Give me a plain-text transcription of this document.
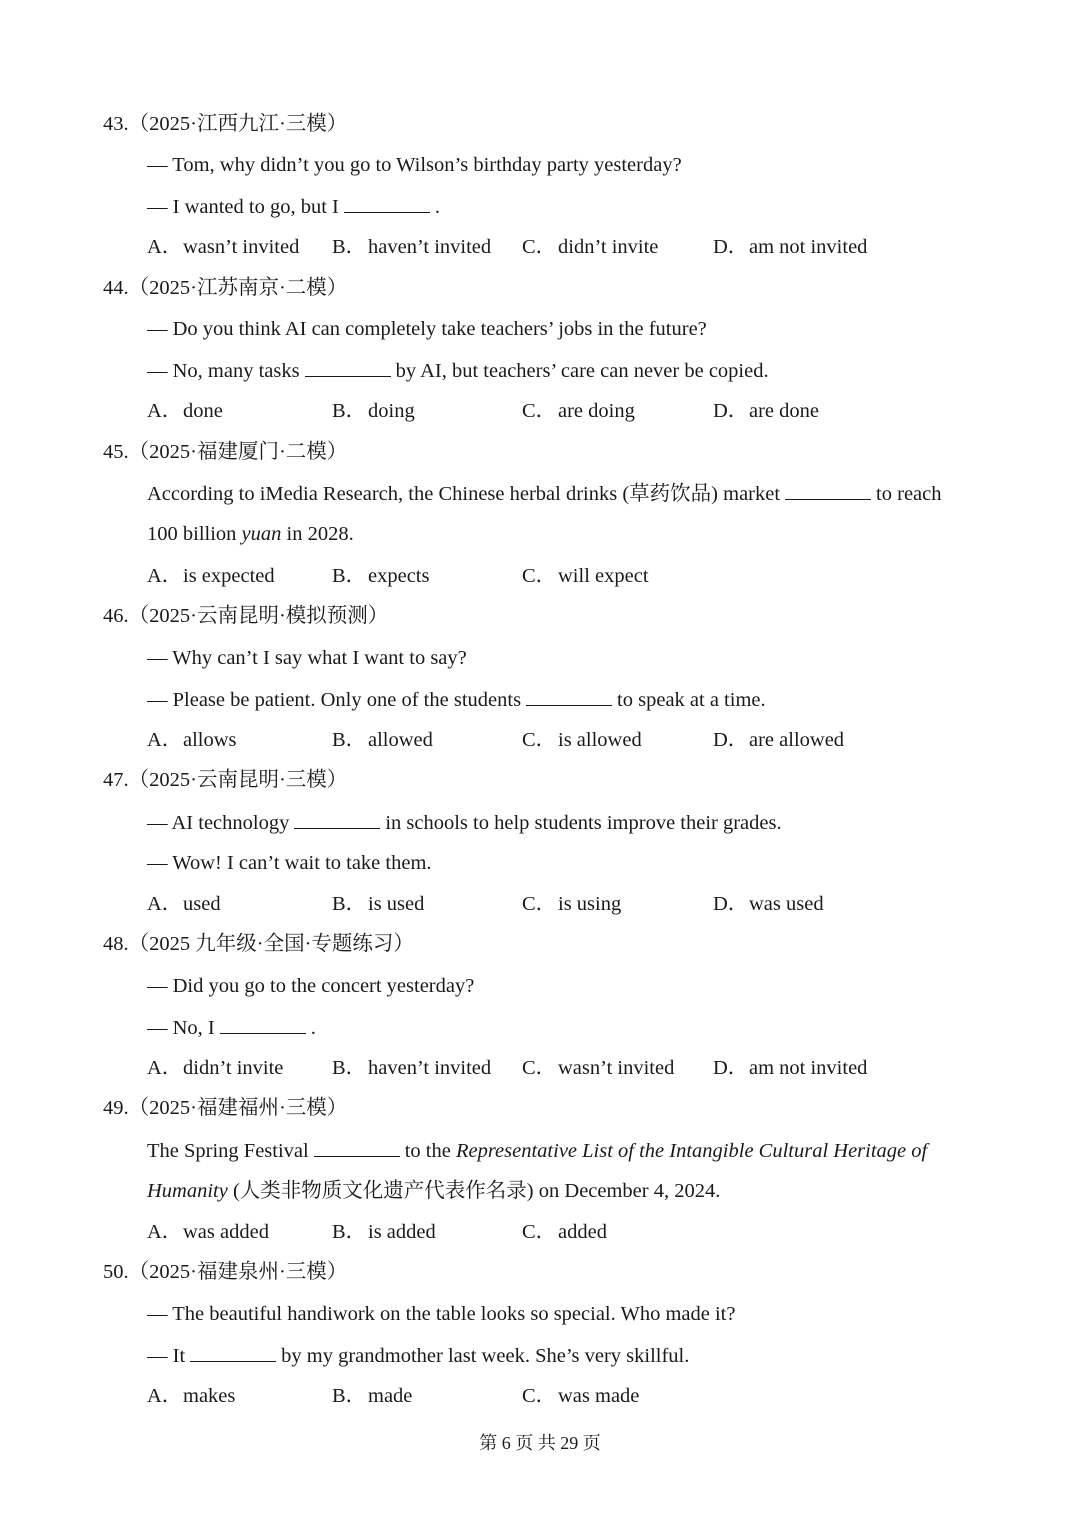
43.（2025·江西九江·三模）
— Tom, why didn’t you go to Wilson’s birthday party yesterday?
— I wanted to go, but I	.
A．wasn’t invited B．haven’t invited C．didn’t invite	D．am not invited
44.（2025·江苏南京·二模）
— Do you think AI can completely take teachers’ jobs in the future?
— No, many tasks	by AI, but teachers’ care can never be copied.
A．done	B．doing	C．are doing	D．are done
45.（2025·福建厦门·二模）
According to iMedia Research, the Chinese herbal drinks (草药饮品) market	to reach
100 billion yuan in 2028.
A．is expected	B．expects	C．will expect
46.（2025·云南昆明·模拟预测）
— Why can’t I say what I want to say?
— Please be patient. Only one of the students	to speak at a time.
A．allows	B．allowed	C．is allowed	D．are allowed
47.（2025·云南昆明·三模）
— AI technology	in schools to help students improve their grades.
— Wow! I can’t wait to take them.
A．used	B．is used	C．is using	D．was used
48.（2025 九年级·全国·专题练习）
— Did you go to the concert yesterday?
— No, I	.
A．didn’t invite B．haven’t invited C．wasn’t invited D．am not invited
49.（2025·福建福州·三模）
The Spring Festival	to the Representative List of the Intangible Cultural Heritage of
Humanity (人类非物质文化遗产代表作名录) on December 4, 2024.
A．was added	B．is added	C．added
50.（2025·福建泉州·三模）
— The beautiful handiwork on the table looks so special. Who made it?
— It	by my grandmother last week. She’s very skillful.
A．makes	B．made	C．was made
第 6 页 共 29 页
